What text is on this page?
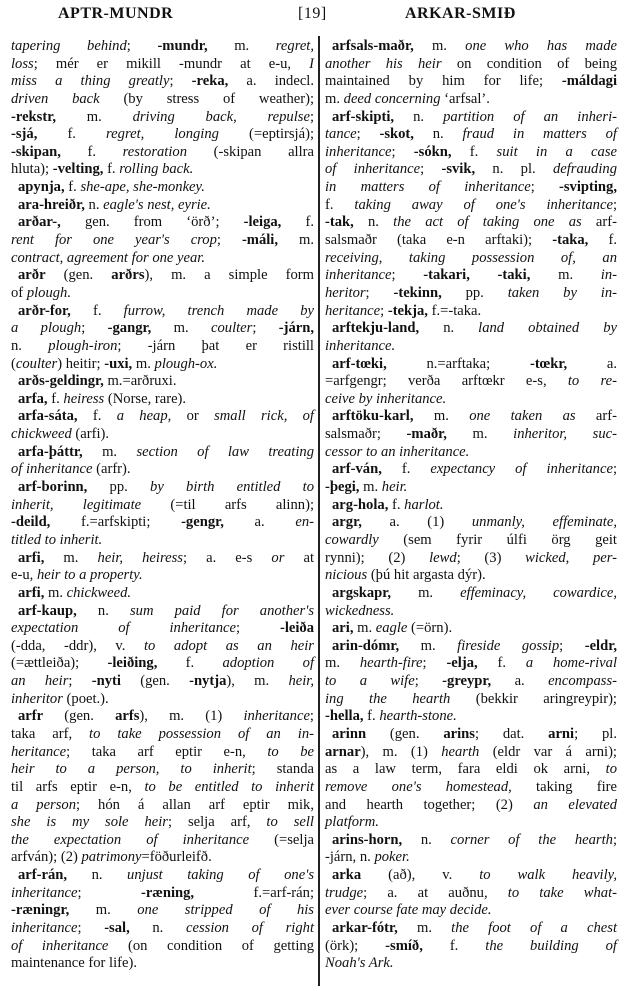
APTR-MUNDR	[19]	ARKAR-SMIÐ
tapering behind; -mundr, m. regret,
loss; mér er mikill -mundr at e-u, I
miss a thing greatly; -reka, a. indecl.
driven back (by stress of weather);
-rekstr, m. driving back, repulse;
-sjá, f. regret, longing (=eptirsjá);
-skipan, f. restoration (-skipan allra
hluta); -velting, f. rolling back.
apynja, f. she-ape, she-monkey.
ara-hreiðr, n. eagle's nest, eyrie.
arðar-, gen. from ‘örð’; -leiga, f.
rent for one year's crop; -máli, m.
contract, agreement for one year.
arðr (gen. arðrs), m. a simple form
of plough.
arðr-for, f. furrow, trench made by
a plough; -gangr, m. coulter; -járn,
n. plough-iron; -járn þat er ristill
(coulter) heitir; -uxi, m. plough-ox.
arðs-geldingr, m.=arðruxi.
arfa, f. heiress (Norse, rare).
arfa-sáta, f. a heap, or small rick, of
chickweed (arfi).
arfa-þáttr, m. section of law treating
of inheritance (arfr).
arf-borinn, pp. by birth entitled to
inherit, legitimate (=til arfs alinn);
-deild, f.=arfskipti; -gengr, a. en-
titled to inherit.
arfi, m. heir, heiress; a. e-s or at
e-u, heir to a property.
arfi, m. chickweed.
arf-kaup, n. sum paid for another's
expectation of inheritance; -leiða
(-dda, -ddr), v. to adopt as an heir
(=ættleiða); -leiðing, f. adoption of
an heir; -nyti (gen. -nytja), m. heir,
inheritor (poet.).
arfr (gen. arfs), m. (1) inheritance;
taka arf, to take possession of an in-
heritance; taka arf eptir e-n, to be
heir to a person, to inherit; standa
til arfs eptir e-n, to be entitled to inherit
a person; hón á allan arf eptir mik,
she is my sole heir; selja arf, to sell
the expectation of inheritance (=selja
arfván); (2) patrimony=föðurleifð.
arf-rán, n. unjust taking of one's
inheritance; -ræning, f.=arf-rán;
-ræningr, m. one stripped of his
inheritance; -sal, n. cession of right
of inheritance (on condition of getting
maintenance for life).
arfsals-maðr, m. one who has made
another his heir on condition of being
maintained by him for life; -máldagi
m. deed concerning ‘arfsal’.
arf-skipti, n. partition of an inheri-
tance; -skot, n. fraud in matters of
inheritance; -sókn, f. suit in a case
of inheritance; -svik, n. pl. defrauding
in matters of inheritance; -svipting,
f. taking away of one's inheritance;
-tak, n. the act of taking one as arf-
salsmaðr (taka e-n arftaki); -taka, f.
receiving, taking possession of, an
inheritance; -takari, -taki, m. in-
heritor; -tekinn, pp. taken by in-
heritance; -tekja, f.=-taka.
arftekju-land, n. land obtained by
inheritance.
arf-tœki, n.=arftaka; -tœkr, a.
=arfgengr; verða arftœkr e-s, to re-
ceive by inheritance.
arftöku-karl, m. one taken as arf-
salsmaðr; -maðr, m. inheritor, suc-
cessor to an inheritance.
arf-ván, f. expectancy of inheritance;
-þegi, m. heir.
arg-hola, f. harlot.
argr, a. (1) unmanly, effeminate,
cowardly (sem fyrir úlfi örg geit
rynni); (2) lewd; (3) wicked, per-
nicious (þú hit argasta dýr).
argskapr, m. effeminacy, cowardice,
wickedness.
ari, m. eagle (=örn).
arin-dómr, m. fireside gossip; -eldr,
m. hearth-fire; -elja, f. a home-rival
to a wife; -greypr, a. encompass-
ing the hearth (bekkir aringreypir);
-hella, f. hearth-stone.
arinn (gen. arins; dat. arni; pl.
arnar), m. (1) hearth (eldr var á arni);
as a law term, fara eldi ok arni, to
remove one's homestead, taking fire
and hearth together; (2) an elevated
platform.
arins-horn, n. corner of the hearth;
-járn, n. poker.
arka (að), v. to walk heavily,
trudge; a. at auðnu, to take what-
ever course fate may decide.
arkar-fótr, m. the foot of a chest
(örk); -smíð, f. the building of
Noah's Ark.
